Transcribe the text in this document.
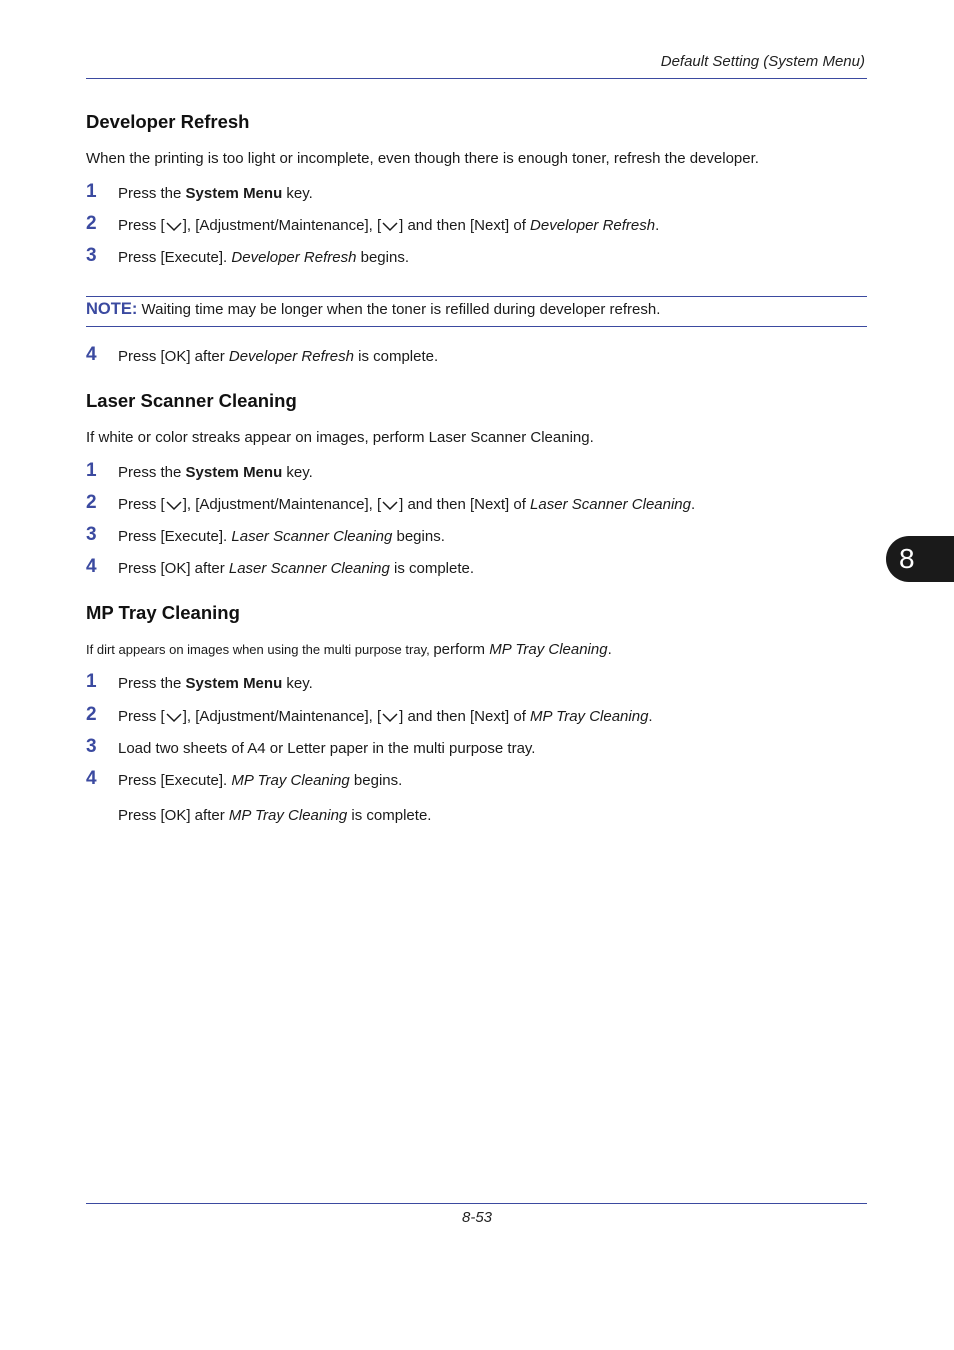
Default Setting (System Menu)
Developer Refresh
When the printing is too light or incomplete, even though there is enough toner, refresh the developer.
1 Press the System Menu key.
2 Press [ ], [Adjustment/Maintenance], [ ] and then [Next] of Developer Refresh.
3 Press [Execute]. Developer Refresh begins.
NOTE: Waiting time may be longer when the toner is refilled during developer refresh.
4 Press [OK] after Developer Refresh is complete.
Laser Scanner Cleaning
If white or color streaks appear on images, perform Laser Scanner Cleaning.
1 Press the System Menu key.
2 Press [ ], [Adjustment/Maintenance], [ ] and then [Next] of Laser Scanner Cleaning.
3 Press [Execute]. Laser Scanner Cleaning begins.
4 Press [OK] after Laser Scanner Cleaning is complete.	8
MP Tray Cleaning
If dirt appears on images when using the multi purpose tray, perform MP Tray Cleaning.
1 Press the System Menu key.
2 Press [ ], [Adjustment/Maintenance], [ ] and then [Next] of MP Tray Cleaning.
3 Load two sheets of A4 or Letter paper in the multi purpose tray.
4 Press [Execute]. MP Tray Cleaning begins.
Press [OK] after MP Tray Cleaning is complete.
8-53
